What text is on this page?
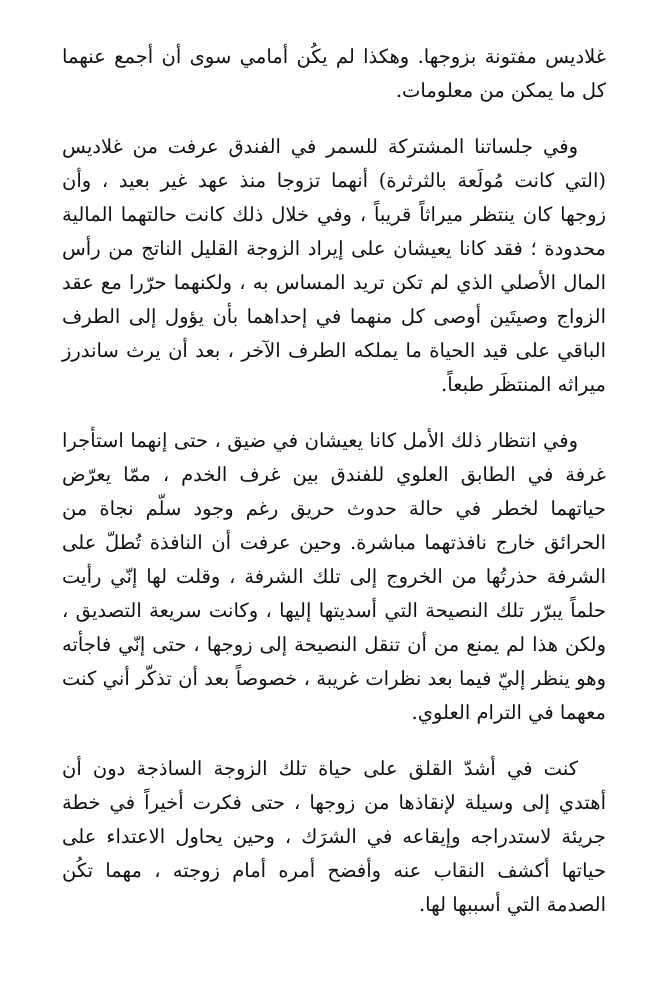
غلاديس مفتونة بزوجها. وهكذا لم يكُن أمامي سوى أن أجمع عنهما كل ما يمكن من معلومات.

وفي جلساتنا المشتركة للسمر في الفندق عرفت من غلاديس (التي كانت مُولَعة بالثرثرة) أنهما تزوجا منذ عهد غير بعيد ، وأن زوجها كان ينتظر ميراثاً قريباً ، وفي خلال ذلك كانت حالتهما المالية محدودة ؛ فقد كانا يعيشان على إيراد الزوجة القليل الناتج من رأس المال الأصلي الذي لم تكن تريد المساس به ، ولكنهما حرّرا مع عقد الزواج وصيتَين أوصى كل منهما في إحداهما بأن يؤول إلى الطرف الباقي على قيد الحياة ما يملكه الطرف الآخر ، بعد أن يرث ساندرز ميراثه المنتظَر طبعاً.

وفي انتظار ذلك الأمل كانا يعيشان في ضيق ، حتى إنهما استأجرا غرفة في الطابق العلوي للفندق بين غرف الخدم ، ممّا يعرّض حياتهما لخطر في حالة حدوث حريق رغم وجود سلّم نجاة من الحرائق خارج نافذتهما مباشرة. وحين عرفت أن النافذة تُطلّ على الشرفة حذرتُها من الخروج إلى تلك الشرفة ، وقلت لها إنّي رأيت حلماً يبرّر تلك النصيحة التي أسديتها إليها ، وكانت سريعة التصديق ، ولكن هذا لم يمنع من أن تنقل النصيحة إلى زوجها ، حتى إنّي فاجأته وهو ينظر إليّ فيما بعد نظرات غريبة ، خصوصاً بعد أن تذكّر أني كنت معهما في الترام العلوي.

كنت في أشدّ القلق على حياة تلك الزوجة الساذجة دون أن أهتدي إلى وسيلة لإنقاذها من زوجها ، حتى فكرت أخيراً في خطة جريئة لاستدراجه وإيقاعه في الشرَك ، وحين يحاول الاعتداء على حياتها أكشف النقاب عنه وأفضح أمره أمام زوجته ، مهما تكُن الصدمة التي أسببها لها.
